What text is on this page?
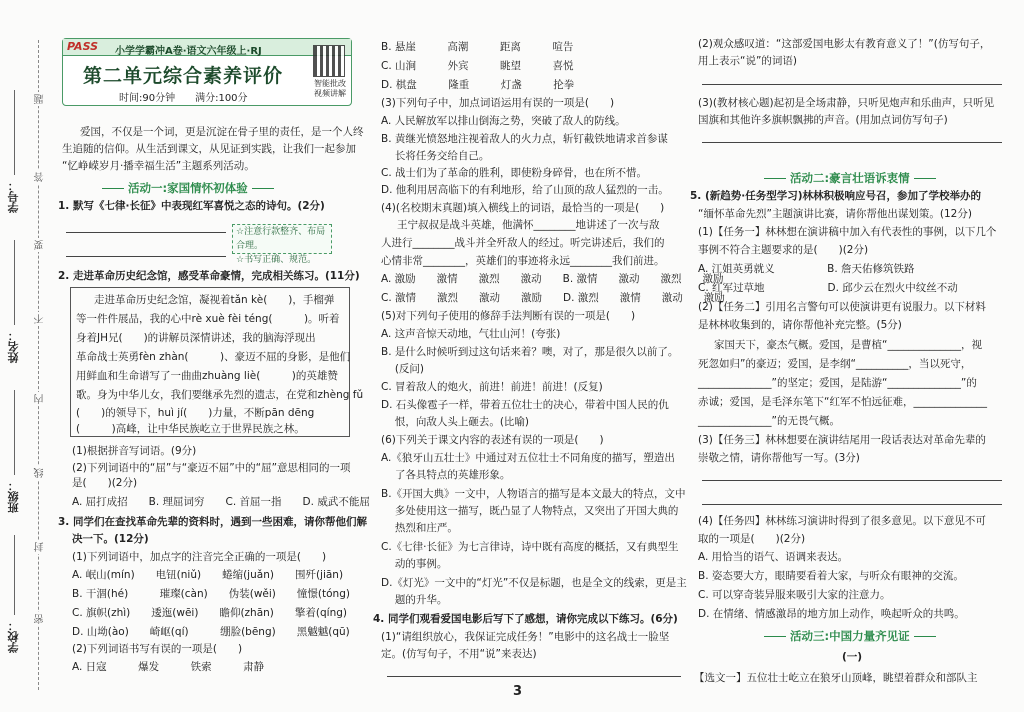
学号：
姓名：
班级：
学校：
题
答
要
不
内
线
封
密
PASS 小学学霸冲A卷·语文六年级上·RJ
第二单元综合素养评价
时间:90分钟　　满分:100分
智能批改
视频讲解
爱国，不仅是一个词，更是沉淀在骨子里的责任，是一个人终
生追随的信仰。从生活到课文，从见证到实践，让我们一起参加
“忆峥嵘岁月·播幸福生活”主题系列活动。
活动一:家国情怀初体验
1. 默写《七律·长征》中表现红军喜悦之态的诗句。(2分)
☆注意行款整齐、布局合理。
☆书写正确、规范。
2. 走进革命历史纪念馆，感受革命豪情，完成相关练习。(11分)
走进革命历史纪念馆，凝视着tǎn kè(　　)，手榴弹
等一件件展品，我的心中rè xuè fèi téng(　　　)。听着
身着JH兄(　　)的讲解员深情讲述，我的脑海浮现出
革命战士英勇fèn zhàn(　　　)、豪迈不屈的身影，是他们
用鲜血和生命谱写了一曲曲zhuàng liè(　　　)的英雄赞
歌。身为中华儿女，我们要继承先烈的遗志，在党和zhèng fǔ
(　　)的领导下，huì jí(　　)力量，不断pān dēng
(　　　)高峰，让中华民族屹立于世界民族之林。
(1)根据拼音写词语。(9分)
(2)下列词语中的“屈”与“豪迈不屈”中的“屈”意思相同的一项
是(　　)(2分)
A. 屈打成招　　B. 理屈词穷　　C. 首屈一指　　D. 威武不能屈
3. 同学们在查找革命先辈的资料时，遇到一些困难，请你帮他们解
决一下。(12分)
(1)下列词语中，加点字的注音完全正确的一项是(　　)
A. 岷山(mín)　　电钮(niǔ)　　蜷缩(juǎn)　　围歼(jiān)
B. 干涸(hé)　　　璀璨(càn)　　伪装(wěi)　　憧憬(tóng)
C. 旗帜(zhì)　　逶迤(wēi)　　瞻仰(zhān)　　擎着(qíng)
D. 山坳(ào)　　崎岖(qí)　　　绷脸(bēng)　　黑魆魆(qū)
(2)下列词语书写有误的一项是(　　)
A. 日寇　　　爆发　　　铁索　　　肃静
B. 悬崖　　　高潮　　　距离　　　喧告
C. 山涧　　　外宾　　　眺望　　　喜悦
D. 棋盘　　　隆重　　　灯盏　　　抡拳
(3)下列句子中，加点词语运用有误的一项是(　　)
A. 人民解放军以排山倒海之势，突破了敌人的防线。
B. 黄继光愤怒地注视着敌人的火力点，斩钉截铁地请求首参谋
　 长将任务交给自己。
C. 战士们为了革命的胜利，即使粉身碎骨，也在所不惜。
D. 他利用居高临下的有利地形，给了山顶的敌人猛烈的一击。
(4)(名校期末真题)填入横线上的词语，最恰当的一项是(　　)
王宁叔叔是战斗英雄，他满怀________地讲述了一次与敌
人进行________战斗并全歼敌人的经过。听完讲述后，我们的
心情非常________，英雄们的事迹将永远________我们前进。
A. 激励　　激情　　激烈　　激动　　B. 激情　　激动　　激烈　　激励
C. 激情　　激烈　　激动　　激励　　D. 激烈　　激情　　激动　　激励
(5)对下列句子使用的修辞手法判断有误的一项是(　　)
A. 这声音惊天动地，气壮山河！(夸张)
B. 是什么时候听到过这句话来着？噢，对了，那是很久以前了。
　 (反问)
C. 冒着敌人的炮火，前进！前进！前进！(反复)
D. 石头像雹子一样，带着五位壮士的决心，带着中国人民的仇
　 恨，向敌人头上砸去。(比喻)
(6)下列关于课文内容的表述有误的一项是(　　)
A.《狼牙山五壮士》中通过对五位壮士不同角度的描写，塑造出
　 了各具特点的英雄形象。
B.《开国大典》一文中，人物语言的描写是本文最大的特点，文中
　 多处使用这一描写，既凸显了人物特点，又突出了开国大典的
　 热烈和庄严。
C.《七律·长征》为七言律诗，诗中既有高度的概括，又有典型生
　 动的事例。
D.《灯光》一文中的“灯光”不仅是标题，也是全文的线索，更是主
　 题的升华。
4. 同学们观看爱国电影后写下了感想，请你完成以下练习。(6分)
(1)“请组织放心，我保证完成任务！”电影中的这名战士一脸坚
定。(仿写句子，不用“说”来表达)
3
(2)观众感叹道：“这部爱国电影太有教育意义了！”(仿写句子，
用上表示“说”的词语)
(3)(教材核心题)起初是全场肃静，只听见炮声和乐曲声，只听见
国旗和其他许多旗帜飘拂的声音。(用加点词仿写句子)
活动二:豪言壮语诉衷情
5. (新趋势·任务型学习)林林积极响应号召，参加了学校举办的
“缅怀革命先烈”主题演讲比赛，请你帮他出谋划策。(12分)
(1)【任务一】林林想在演讲稿中加入有代表性的事例，以下几个
事例不符合主题要求的是(　　)(2分)
A. 江姐英勇就义　　　　　B. 詹天佑修筑铁路
C. 红军过草地　　　　　　D. 邱少云在烈火中纹丝不动
(2)【任务二】引用名言警句可以使演讲更有说服力。以下材料
是林林收集到的，请你帮他补充完整。(5分)
家国天下，豪杰气概。爱国，是曹植“______________，视
死忽如归”的豪迈；爱国，是李纲“__________，当以死守，
______________”的坚定；爱国，是陆游“______________”的
赤诚；爱国，是毛泽东笔下“红军不怕远征难，______________
______________”的无畏气概。
(3)【任务三】林林想要在演讲结尾用一段话表达对革命先辈的
崇敬之情，请你帮他写一写。(3分)
(4)【任务四】林林练习演讲时得到了很多意见。以下意见不可
取的一项是(　　)(2分)
A. 用恰当的语气、语调来表达。
B. 姿态要大方，眼睛要看着大家，与听众有眼神的交流。
C. 可以穿奇装异服来吸引大家的注意力。
D. 在情绪、情感激昂的地方加上动作，唤起听众的共鸣。
活动三:中国力量齐见证
(一)
【选文一】五位壮士屹立在狼牙山顶峰，眺望着群众和部队主
